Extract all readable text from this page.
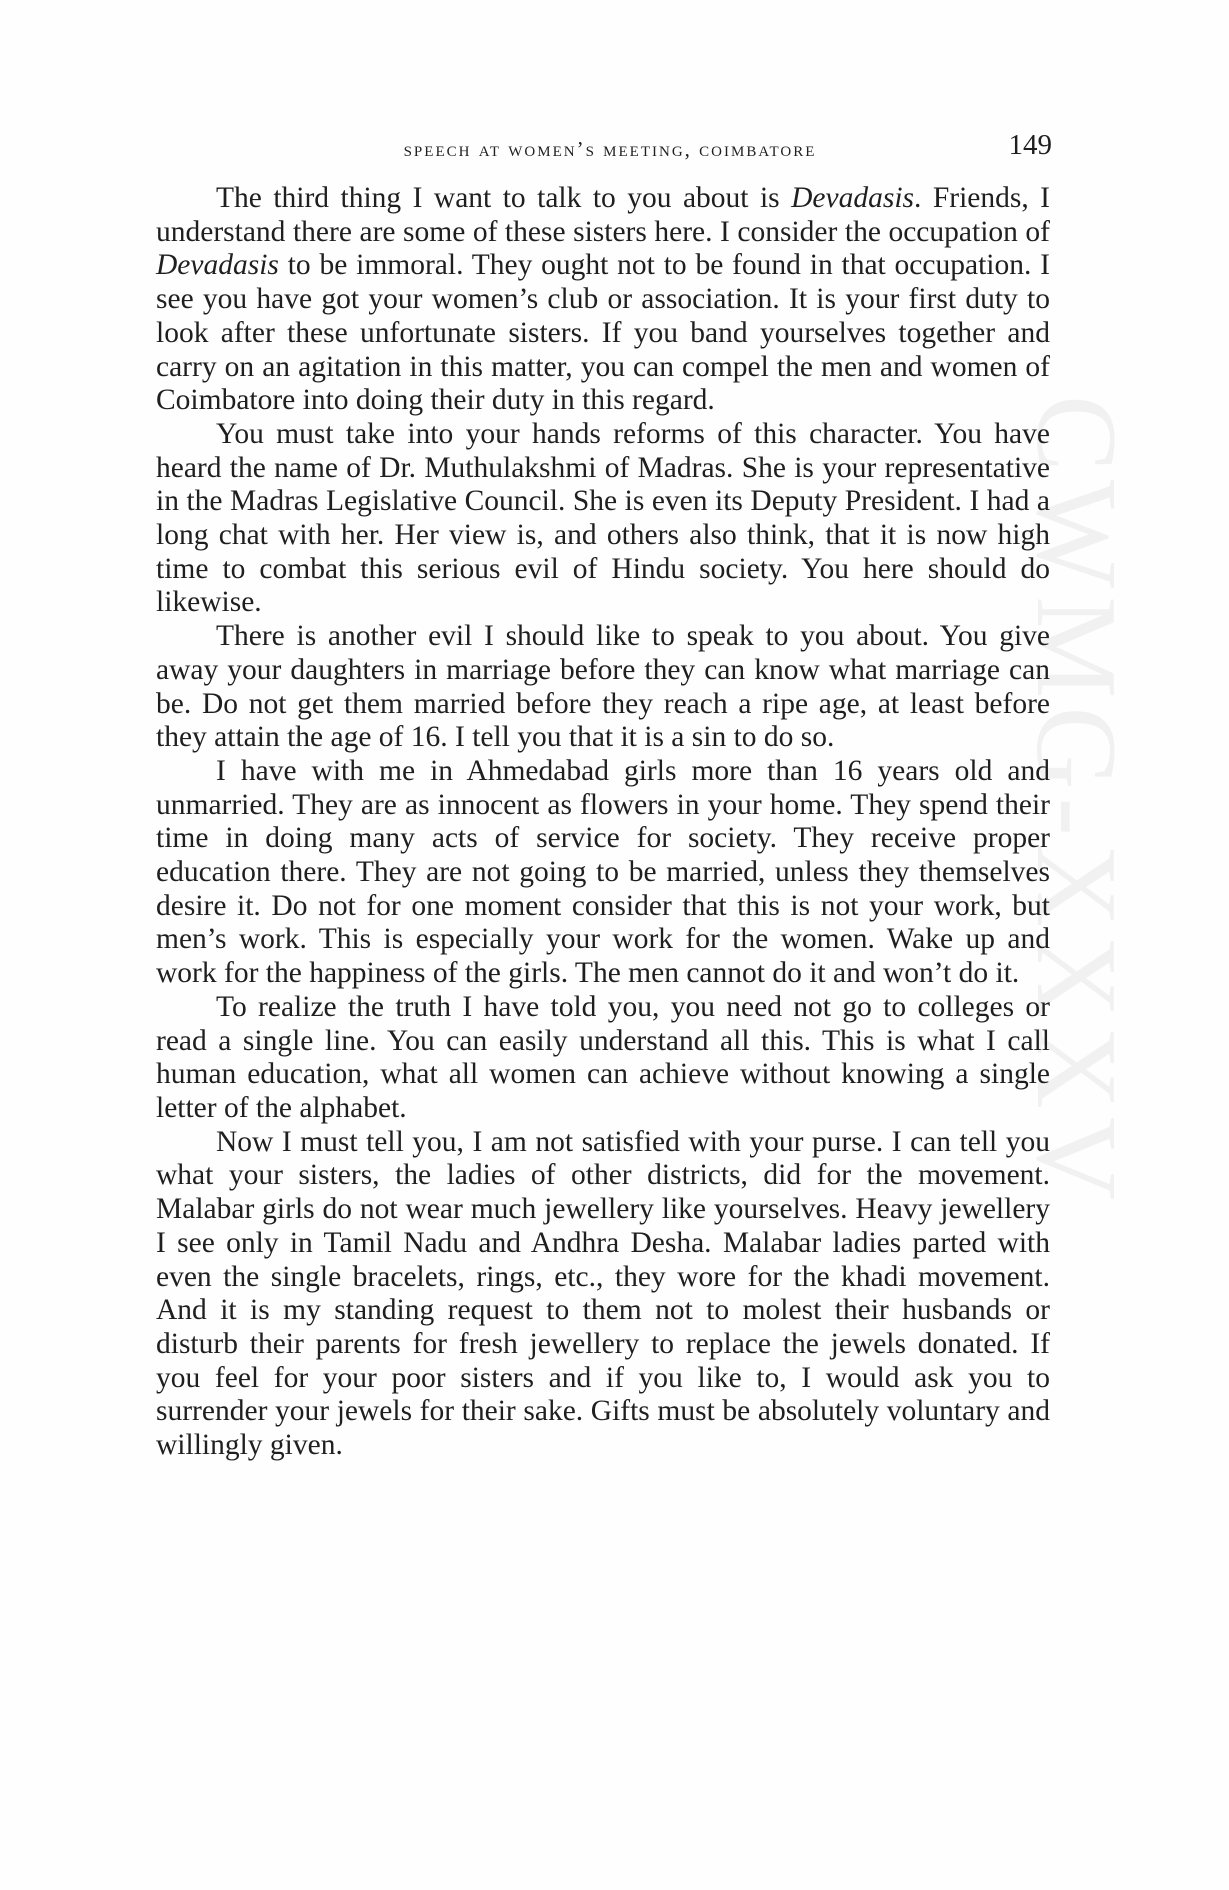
CWMG-XXXV
speech at women’s meeting, coimbatore	149

The third thing I want to talk to you about is Devadasis. Friends, I understand there are some of these sisters here. I consider the occupation of Devadasis to be immoral. They ought not to be found in that occupation. I see you have got your women’s club or association. It is your first duty to look after these unfortunate sisters. If you band yourselves together and carry on an agitation in this matter, you can compel the men and women of Coimbatore into doing their duty in this regard.

You must take into your hands reforms of this character. You have heard the name of Dr. Muthulakshmi of Madras. She is your representative in the Madras Legislative Council. She is even its Deputy President. I had a long chat with her. Her view is, and others also think, that it is now high time to combat this serious evil of Hindu society. You here should do likewise.

There is another evil I should like to speak to you about. You give away your daughters in marriage before they can know what marriage can be. Do not get them married before they reach a ripe age, at least before they attain the age of 16. I tell you that it is a sin to do so.

I have with me in Ahmedabad girls more than 16 years old and unmarried. They are as innocent as flowers in your home. They spend their time in doing many acts of service for society. They receive proper education there. They are not going to be married, unless they themselves desire it. Do not for one moment consider that this is not your work, but men’s work. This is especially your work for the women. Wake up and work for the happiness of the girls. The men cannot do it and won’t do it.

To realize the truth I have told you, you need not go to colleges or read a single line. You can easily understand all this. This is what I call human education, what all women can achieve without knowing a single letter of the alphabet.

Now I must tell you, I am not satisfied with your purse. I can tell you what your sisters, the ladies of other districts, did for the movement. Malabar girls do not wear much jewellery like yourselves. Heavy jewellery I see only in Tamil Nadu and Andhra Desha. Malabar ladies parted with even the single bracelets, rings, etc., they wore for the khadi movement. And it is my standing request to them not to molest their husbands or disturb their parents for fresh jewellery to replace the jewels donated. If you feel for your poor sisters and if you like to, I would ask you to surrender your jewels for their sake. Gifts must be absolutely voluntary and willingly given.
